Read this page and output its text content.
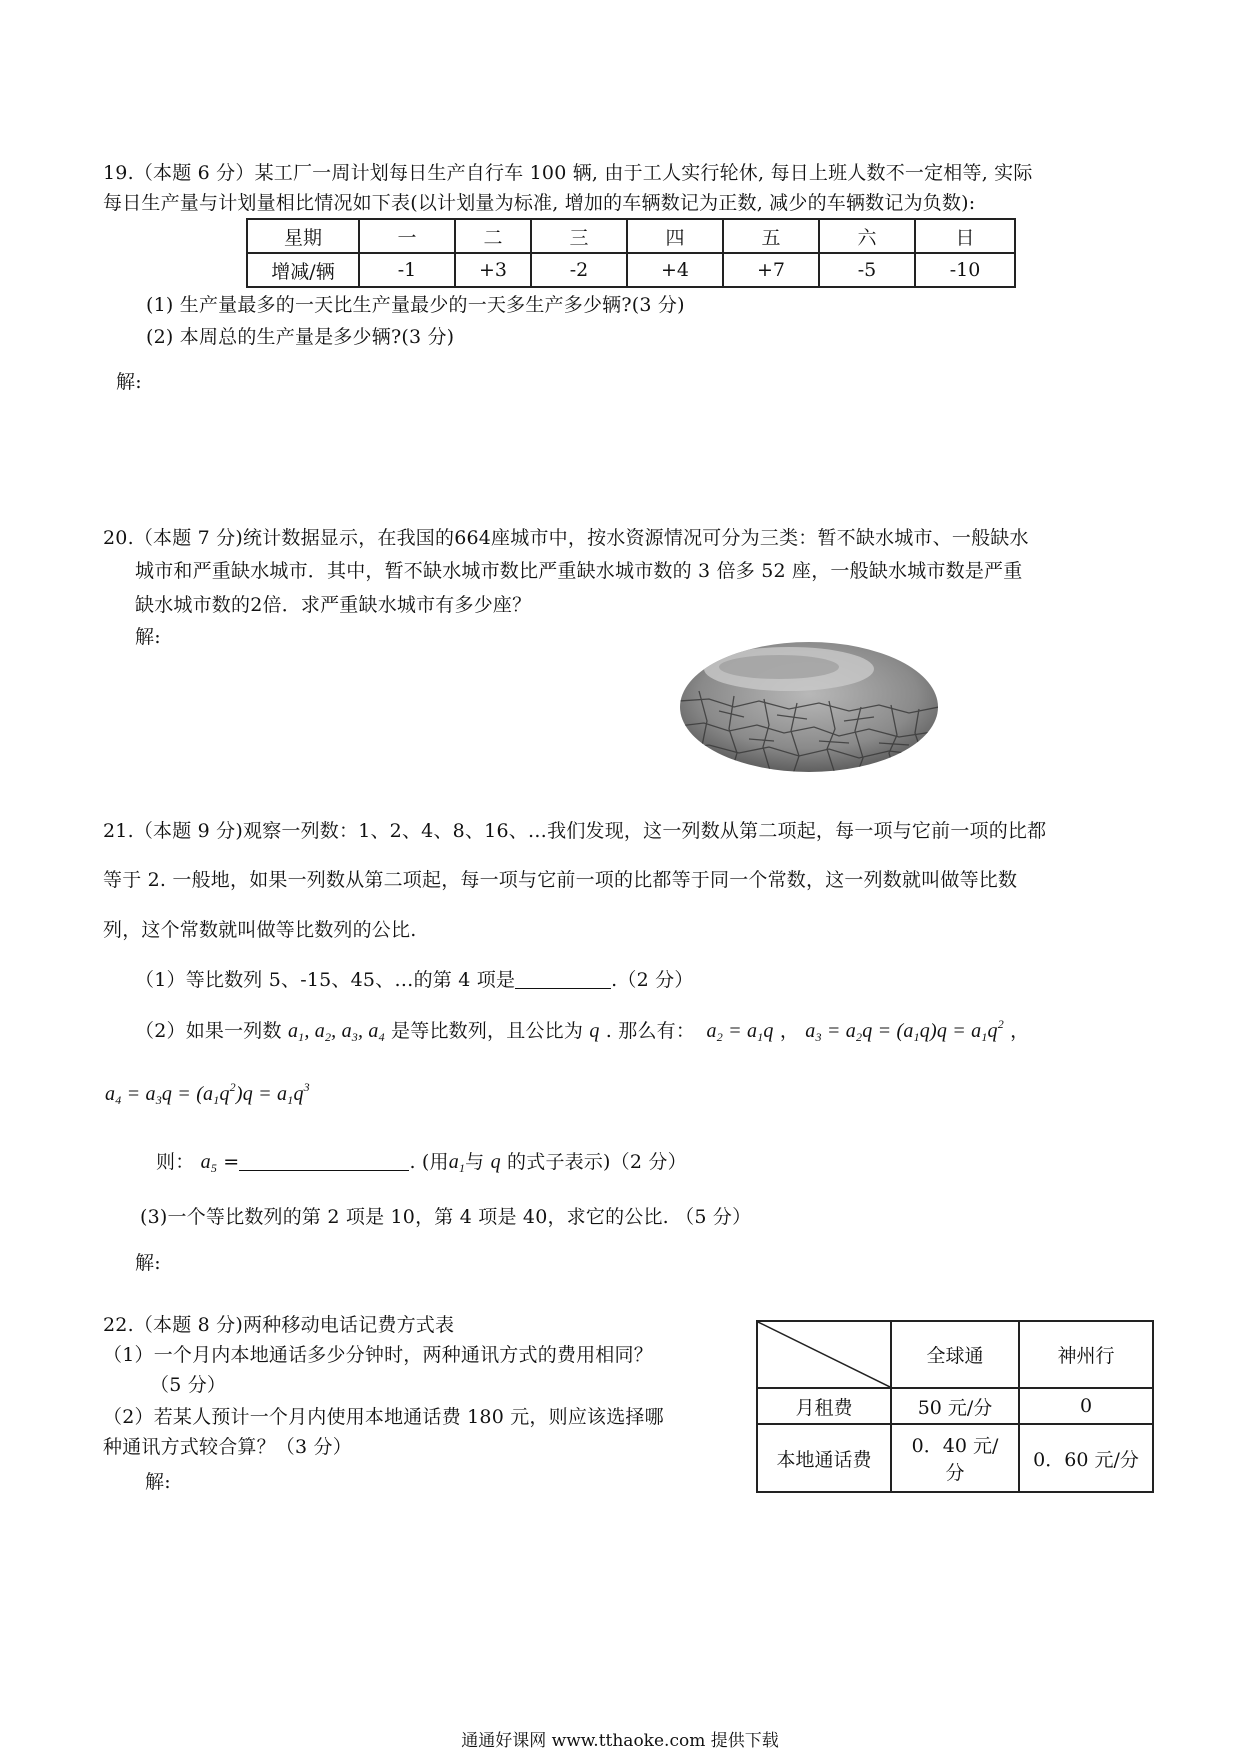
19.（本题 6 分）某工厂一周计划每日生产自行车 100 辆, 由于工人实行轮休, 每日上班人数不一定相等, 实际
每日生产量与计划量相比情况如下表(以计划量为标准, 增加的车辆数记为正数, 减少的车辆数记为负数):
星期	一	二	三	四	五	六	日
增减/辆	-1	+3	-2	+4	+7	-5	-10
(1) 生产量最多的一天比生产量最少的一天多生产多少辆?(3 分)
(2) 本周总的生产量是多少辆?(3 分)
解:
20.（本题 7 分)统计数据显示，在我国的664座城市中，按水资源情况可分为三类：暂不缺水城市、一般缺水
城市和严重缺水城市．其中，暂不缺水城市数比严重缺水城市数的 3 倍多 52 座，一般缺水城市数是严重
缺水城市数的2倍．求严重缺水城市有多少座？
解:
21.（本题 9 分)观察一列数：1、2、4、8、16、…我们发现，这一列数从第二项起，每一项与它前一项的比都
等于 2. 一般地，如果一列数从第二项起，每一项与它前一项的比都等于同一个常数，这一列数就叫做等比数
列，这个常数就叫做等比数列的公比.
（1）等比数列 5、-15、45、…的第 4 项是	.（2 分）
（2）如果一列数 $a_1$, $a_2$, $a_3$, $a_4$ 是等比数列，且公比为 q . 那么有：  $a_2 = a_1q$ ， $a_3 = a_2q = (a_1q)q = a_1q^2$ ，
$a_4 = a_3q = (a_1q^2)q = a_1q^3$
则： $a_5$ =	. (用$a_1$与 q 的式子表示)（2 分）
(3)一个等比数列的第 2 项是 10，第 4 项是 40，求它的公比. （5 分）
解:
22.（本题 8 分)两种移动电话记费方式表
（1）一个月内本地通话多少分钟时，两种通讯方式的费用相同？
（5 分）
（2）若某人预计一个月内使用本地通话费 180 元，则应该选择哪
种通讯方式较合算？（3 分）
解:
	全球通	神州行
月租费	50 元/分	0
本地通话费	0．40 元/
分	0．60 元/分
通通好课网 www.tthaoke.com 提供下载
